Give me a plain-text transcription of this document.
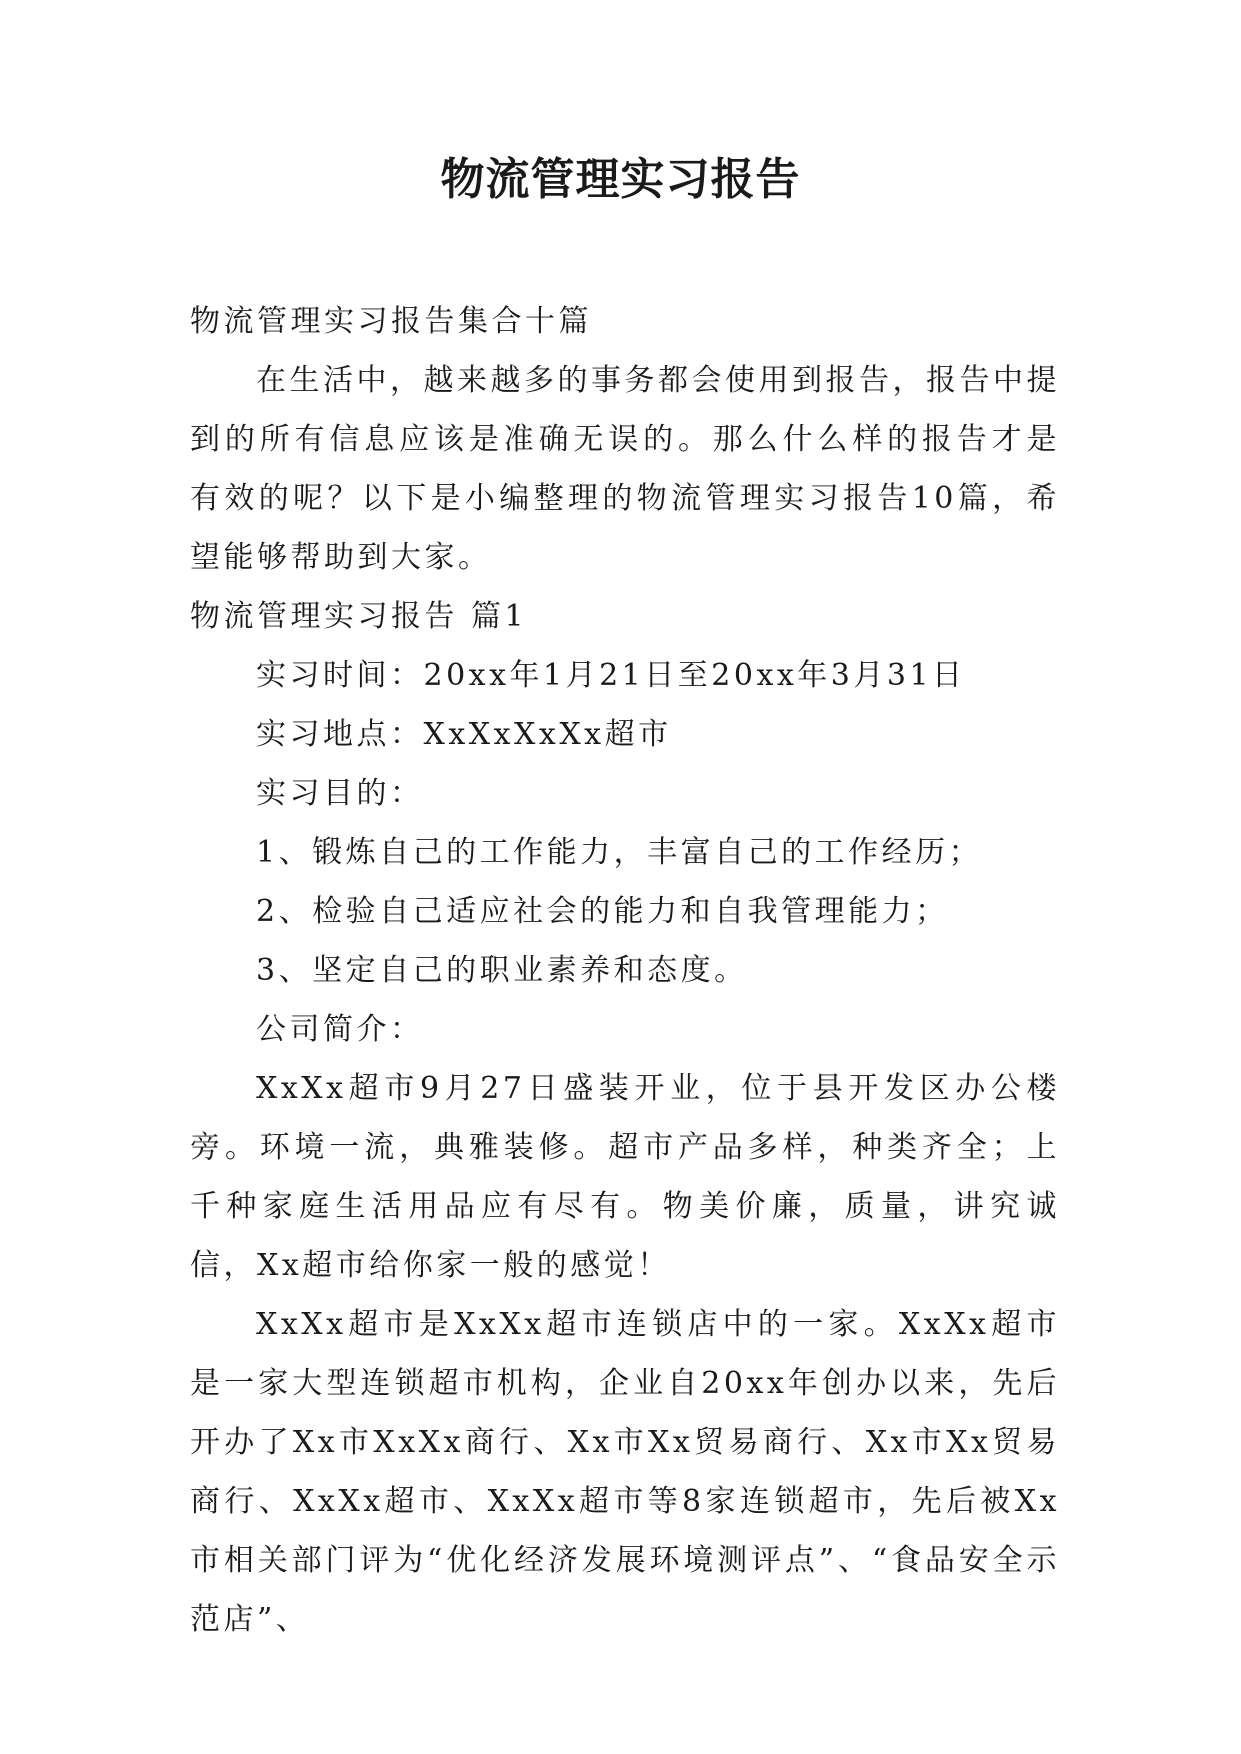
物流管理实习报告

物流管理实习报告集合十篇

在生活中，越来越多的事务都会使用到报告，报告中提到的所有信息应该是准确无误的。那么什么样的报告才是有效的呢？以下是小编整理的物流管理实习报告10篇，希望能够帮助到大家。

物流管理实习报告 篇1

实习时间：20xx年1月21日至20xx年3月31日

实习地点：XxXxXxXx超市

实习目的：

1、锻炼自己的工作能力，丰富自己的工作经历；

2、检验自己适应社会的能力和自我管理能力；

3、坚定自己的职业素养和态度。

公司简介：

XxXx超市9月27日盛装开业，位于县开发区办公楼旁。环境一流，典雅装修。超市产品多样，种类齐全；上千种家庭生活用品应有尽有。物美价廉，质量，讲究诚信，Xx超市给你家一般的感觉！

XxXx超市是XxXx超市连锁店中的一家。XxXx超市是一家大型连锁超市机构，企业自20xx年创办以来，先后开办了Xx市XxXx商行、Xx市Xx贸易商行、Xx市Xx贸易商行、XxXx超市、XxXx超市等8家连锁超市，先后被Xx市相关部门评为“优化经济发展环境测评点”、“食品安全示范店”、
